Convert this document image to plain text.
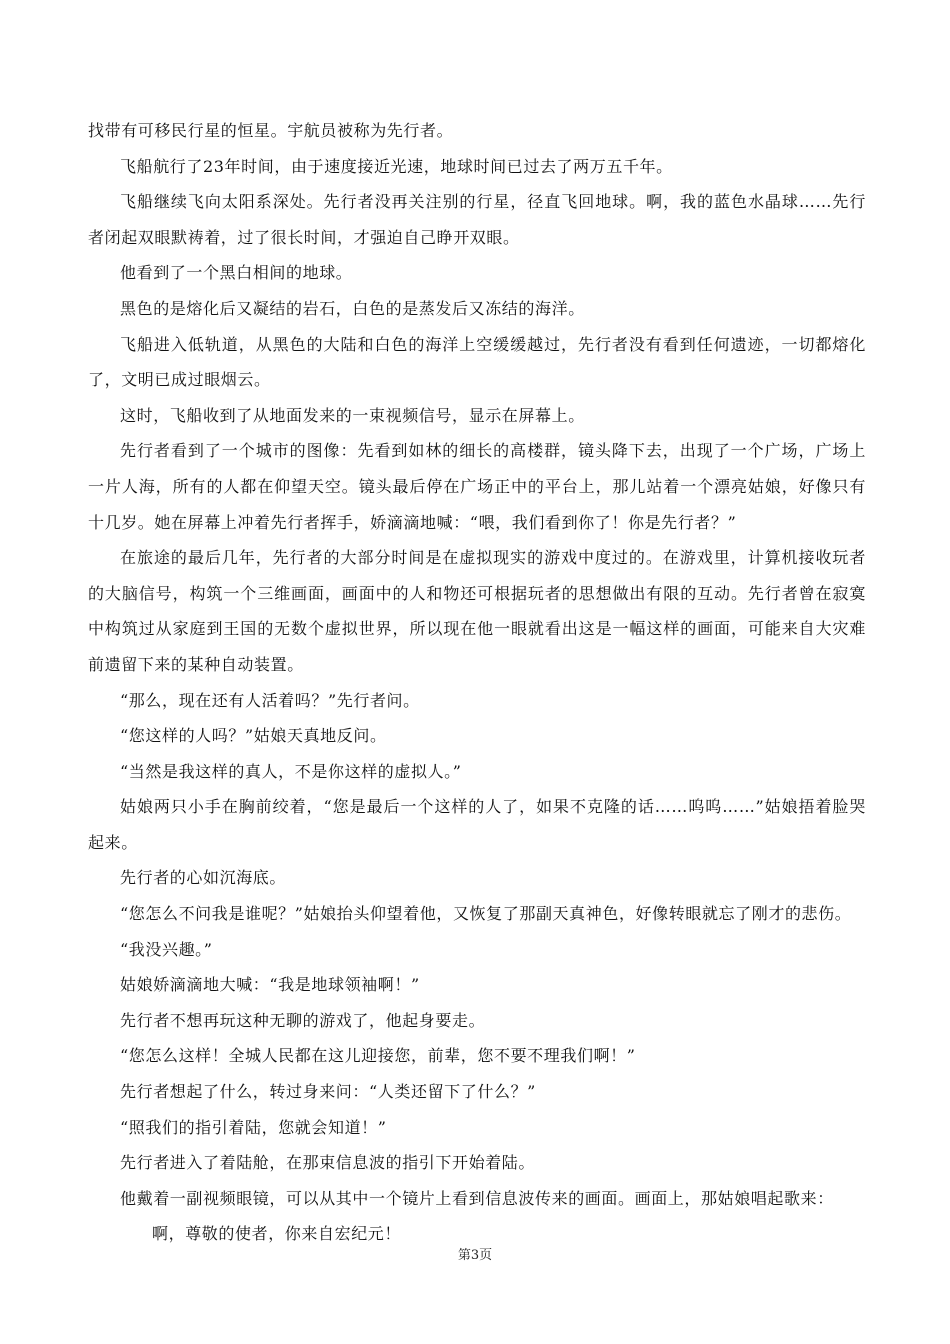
找带有可移民行星的恒星。宇航员被称为先行者。

飞船航行了23年时间，由于速度接近光速，地球时间已过去了两万五千年。

飞船继续飞向太阳系深处。先行者没再关注别的行星，径直飞回地球。啊，我的蓝色水晶球……先行者闭起双眼默祷着，过了很长时间，才强迫自己睁开双眼。

他看到了一个黑白相间的地球。

黑色的是熔化后又凝结的岩石，白色的是蒸发后又冻结的海洋。

飞船进入低轨道，从黑色的大陆和白色的海洋上空缓缓越过，先行者没有看到任何遗迹，一切都熔化了，文明已成过眼烟云。

这时，飞船收到了从地面发来的一束视频信号，显示在屏幕上。

先行者看到了一个城市的图像：先看到如林的细长的高楼群，镜头降下去，出现了一个广场，广场上一片人海，所有的人都在仰望天空。镜头最后停在广场正中的平台上，那儿站着一个漂亮姑娘，好像只有十几岁。她在屏幕上冲着先行者挥手，娇滴滴地喊：“喂，我们看到你了！你是先行者？”

在旅途的最后几年，先行者的大部分时间是在虚拟现实的游戏中度过的。在游戏里，计算机接收玩者的大脑信号，构筑一个三维画面，画面中的人和物还可根据玩者的思想做出有限的互动。先行者曾在寂寞中构筑过从家庭到王国的无数个虚拟世界，所以现在他一眼就看出这是一幅这样的画面，可能来自大灾难前遗留下来的某种自动装置。

“那么，现在还有人活着吗？”先行者问。

“您这样的人吗？”姑娘天真地反问。

“当然是我这样的真人，不是你这样的虚拟人。”

姑娘两只小手在胸前绞着，“您是最后一个这样的人了，如果不克隆的话……呜呜……”姑娘捂着脸哭起来。

先行者的心如沉海底。

“您怎么不问我是谁呢？”姑娘抬头仰望着他，又恢复了那副天真神色，好像转眼就忘了刚才的悲伤。

“我没兴趣。”

姑娘娇滴滴地大喊：“我是地球领袖啊！”

先行者不想再玩这种无聊的游戏了，他起身要走。

“您怎么这样！全城人民都在这儿迎接您，前辈，您不要不理我们啊！”

先行者想起了什么，转过身来问：“人类还留下了什么？”

“照我们的指引着陆，您就会知道！”

先行者进入了着陆舱，在那束信息波的指引下开始着陆。

他戴着一副视频眼镜，可以从其中一个镜片上看到信息波传来的画面。画面上，那姑娘唱起歌来：

啊，尊敬的使者，你来自宏纪元！

第3页
